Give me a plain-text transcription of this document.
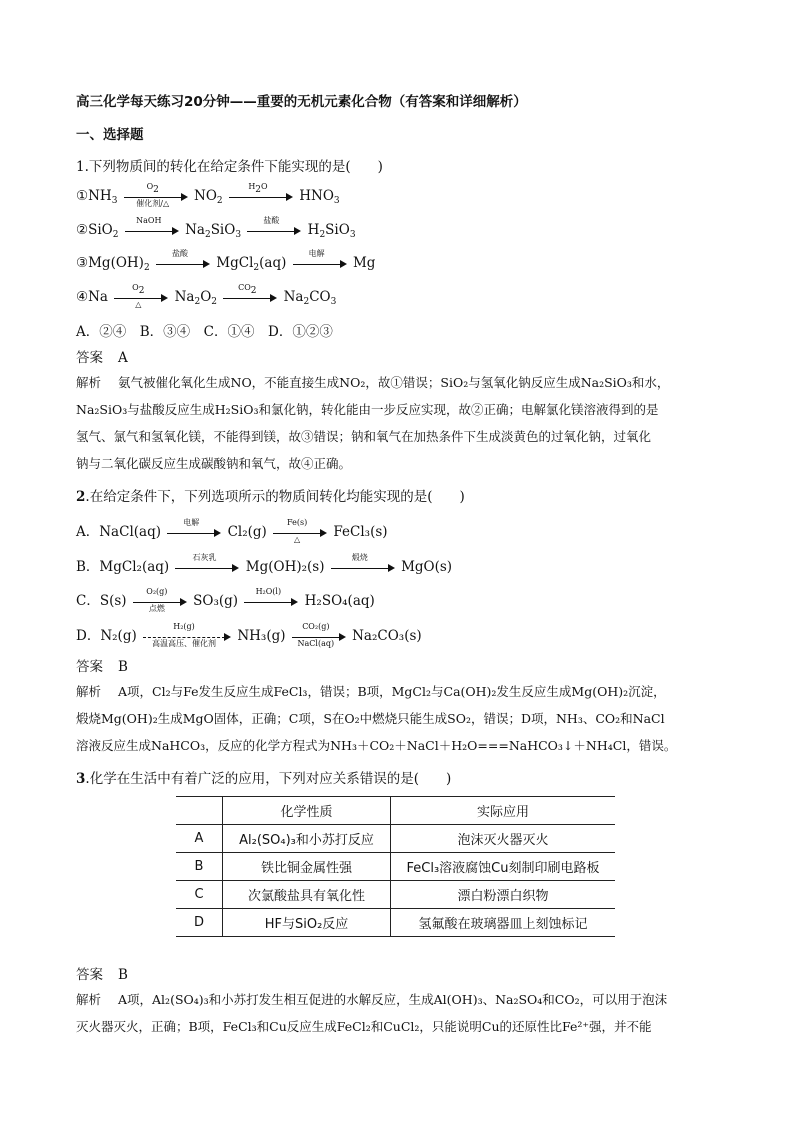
高三化学每天练习20分钟——重要的无机元素化合物（有答案和详细解析）
一、选择题
1.下列物质间的转化在给定条件下能实现的是(　　)
$①NH_3$
$O_2$
催化剂/△	$NO_2$
$H_2O$
$HNO_3$
②SiO$_2$
NaOH
$Na_2SiO_3$
盐酸
$H_2SiO_3$
$③Mg(OH)_2$
盐酸
MgCl$_2$(aq)
电解
Mg
④Na
$O_2$
△	$Na_2O_2$
$CO_2$	$Na_2CO_3$
A．②④　B．③④　C．①④　D．①②③
答案 A
解析 氨气被催化氧化生成NO，不能直接生成NO₂，故①错误；SiO₂与氢氧化钠反应生成Na₂SiO₃和水，
Na₂SiO₃与盐酸反应生成H₂SiO₃和氯化钠，转化能由一步反应实现，故②正确；电解氯化镁溶液得到的是
氢气、氯气和氢氧化镁，不能得到镁，故③错误；钠和氧气在加热条件下生成淡黄色的过氧化钠，过氧化
钠与二氧化碳反应生成碳酸钠和氧气，故④正确。
2.在给定条件下，下列选项所示的物质间转化均能实现的是(　　)
A．NaCl(aq)
电解
Cl₂(g)
Fe(s)
△	FeCl₃(s)
B．MgCl₂(aq)
石灰乳
Mg(OH)₂(s)
煅烧
MgO(s)
C．S(s)
O₂(g)
点燃	SO₃(g)
H₂O(l)
H₂SO₄(aq)
D．N₂(g)
H₂(g)
高温高压、催化剂	NH₃(g)
CO₂(g)
NaCl(aq)	Na₂CO₃(s)
答案 B
解析 A项，Cl₂与Fe发生反应生成FeCl₃，错误；B项，MgCl₂与Ca(OH)₂发生反应生成Mg(OH)₂沉淀，
煅烧Mg(OH)₂生成MgO固体，正确；C项，S在O₂中燃烧只能生成SO₂，错误；D项，NH₃、CO₂和NaCl
溶液反应生成NaHCO₃，反应的化学方程式为NH₃＋CO₂＋NaCl＋H₂O===NaHCO₃↓＋NH₄Cl，错误。
3.化学在生活中有着广泛的应用，下列对应关系错误的是(　　)
	化学性质	实际应用
A	Al₂(SO₄)₃和小苏打反应	泡沫灭火器灭火
B	铁比铜金属性强	FeCl₃溶液腐蚀Cu刻制印刷电路板
C	次氯酸盐具有氧化性	漂白粉漂白织物
D	HF与SiO₂反应	氢氟酸在玻璃器皿上刻蚀标记
答案 B
解析 A项，Al₂(SO₄)₃和小苏打发生相互促进的水解反应，生成Al(OH)₃、Na₂SO₄和CO₂，可以用于泡沫
灭火器灭火，正确；B项，FeCl₃和Cu反应生成FeCl₂和CuCl₂，只能说明Cu的还原性比Fe²⁺强，并不能
